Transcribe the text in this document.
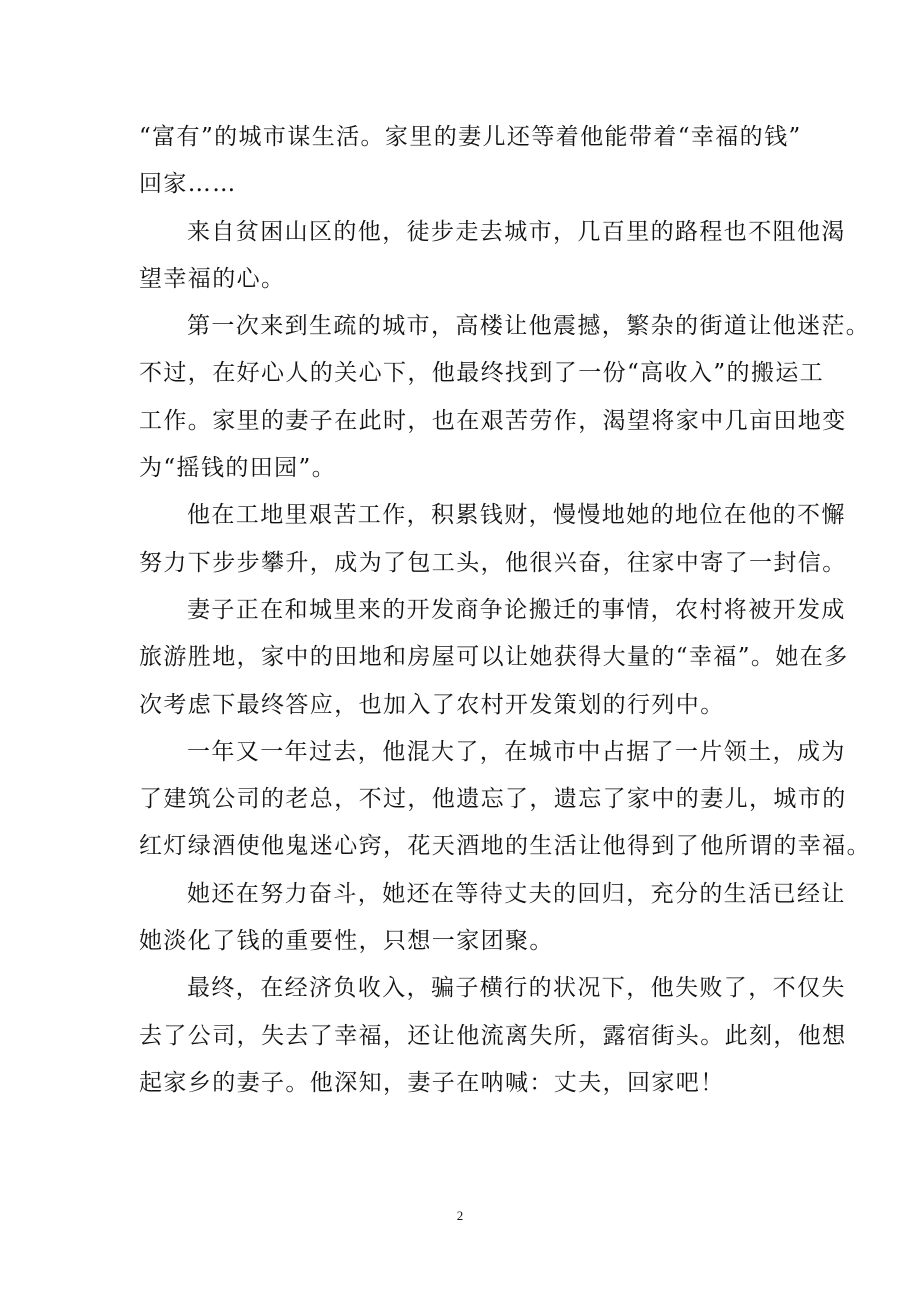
“富有”的城市谋生活。家里的妻儿还等着他能带着“幸福的钱”
回家……

来自贫困山区的他，徒步走去城市，几百里的路程也不阻他渴
望幸福的心。

第一次来到生疏的城市，高楼让他震撼，繁杂的街道让他迷茫。
不过，在好心人的关心下，他最终找到了一份“高收入”的搬运工
工作。家里的妻子在此时，也在艰苦劳作，渴望将家中几亩田地变
为“摇钱的田园”。

他在工地里艰苦工作，积累钱财，慢慢地她的地位在他的不懈
努力下步步攀升，成为了包工头，他很兴奋，往家中寄了一封信。

妻子正在和城里来的开发商争论搬迁的事情，农村将被开发成
旅游胜地，家中的田地和房屋可以让她获得大量的“幸福”。她在多
次考虑下最终答应，也加入了农村开发策划的行列中。

一年又一年过去，他混大了，在城市中占据了一片领土，成为
了建筑公司的老总，不过，他遗忘了，遗忘了家中的妻儿，城市的
红灯绿酒使他鬼迷心窍，花天酒地的生活让他得到了他所谓的幸福。

她还在努力奋斗，她还在等待丈夫的回归，充分的生活已经让
她淡化了钱的重要性，只想一家团聚。

最终，在经济负收入，骗子横行的状况下，他失败了，不仅失
去了公司，失去了幸福，还让他流离失所，露宿街头。此刻，他想
起家乡的妻子。他深知，妻子在呐喊：丈夫，回家吧！

2
